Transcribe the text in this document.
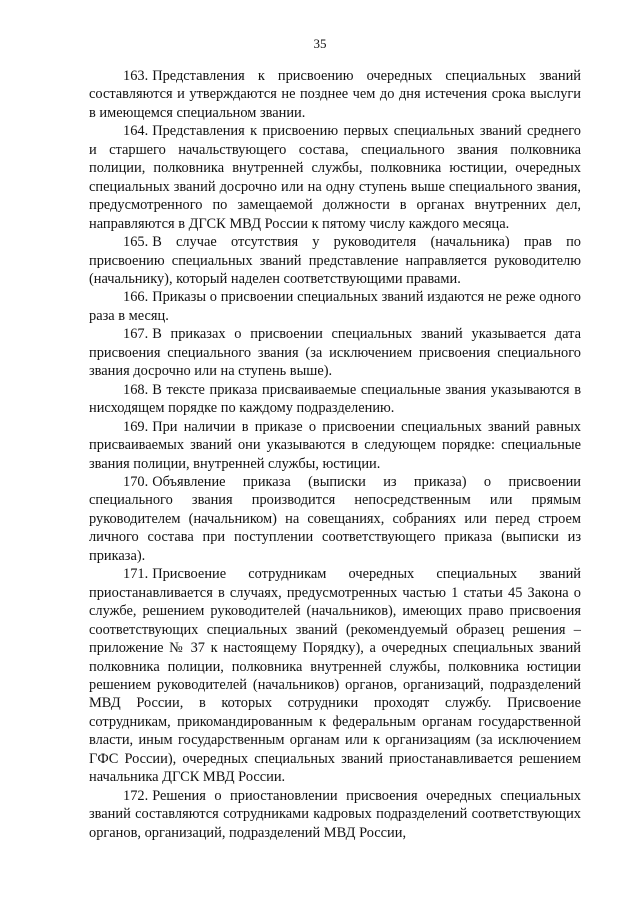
35

163. Представления к присвоению очередных специальных званий составляются и утверждаются не позднее чем до дня истечения срока выслуги в имеющемся специальном звании.

164. Представления к присвоению первых специальных званий среднего и старшего начальствующего состава, специального звания полковника полиции, полковника внутренней службы, полковника юстиции, очередных специальных званий досрочно или на одну ступень выше специального звания, предусмотренного по замещаемой должности в органах внутренних дел, направляются в ДГСК МВД России к пятому числу каждого месяца.

165. В случае отсутствия у руководителя (начальника) прав по присвоению специальных званий представление направляется руководителю (начальнику), который наделен соответствующими правами.

166. Приказы о присвоении специальных званий издаются не реже одного раза в месяц.

167. В приказах о присвоении специальных званий указывается дата присвоения специального звания (за исключением присвоения специального звания досрочно или на ступень выше).

168. В тексте приказа присваиваемые специальные звания указываются в нисходящем порядке по каждому подразделению.

169. При наличии в приказе о присвоении специальных званий равных присваиваемых званий они указываются в следующем порядке: специальные звания полиции, внутренней службы, юстиции.

170. Объявление приказа (выписки из приказа) о присвоении специального звания производится непосредственным или прямым руководителем (начальником) на совещаниях, собраниях или перед строем личного состава при поступлении соответствующего приказа (выписки из приказа).

171. Присвоение сотрудникам очередных специальных званий приостанавливается в случаях, предусмотренных частью 1 статьи 45 Закона о службе, решением руководителей (начальников), имеющих право присвоения соответствующих специальных званий (рекомендуемый образец решения – приложение № 37 к настоящему Порядку), а очередных специальных званий полковника полиции, полковника внутренней службы, полковника юстиции решением руководителей (начальников) органов, организаций, подразделений МВД России, в которых сотрудники проходят службу. Присвоение сотрудникам, прикомандированным к федеральным органам государственной власти, иным государственным органам или к организациям (за исключением ГФС России), очередных специальных званий приостанавливается решением начальника ДГСК МВД России.

172. Решения о приостановлении присвоения очередных специальных званий составляются сотрудниками кадровых подразделений соответствующих органов, организаций, подразделений МВД России,
